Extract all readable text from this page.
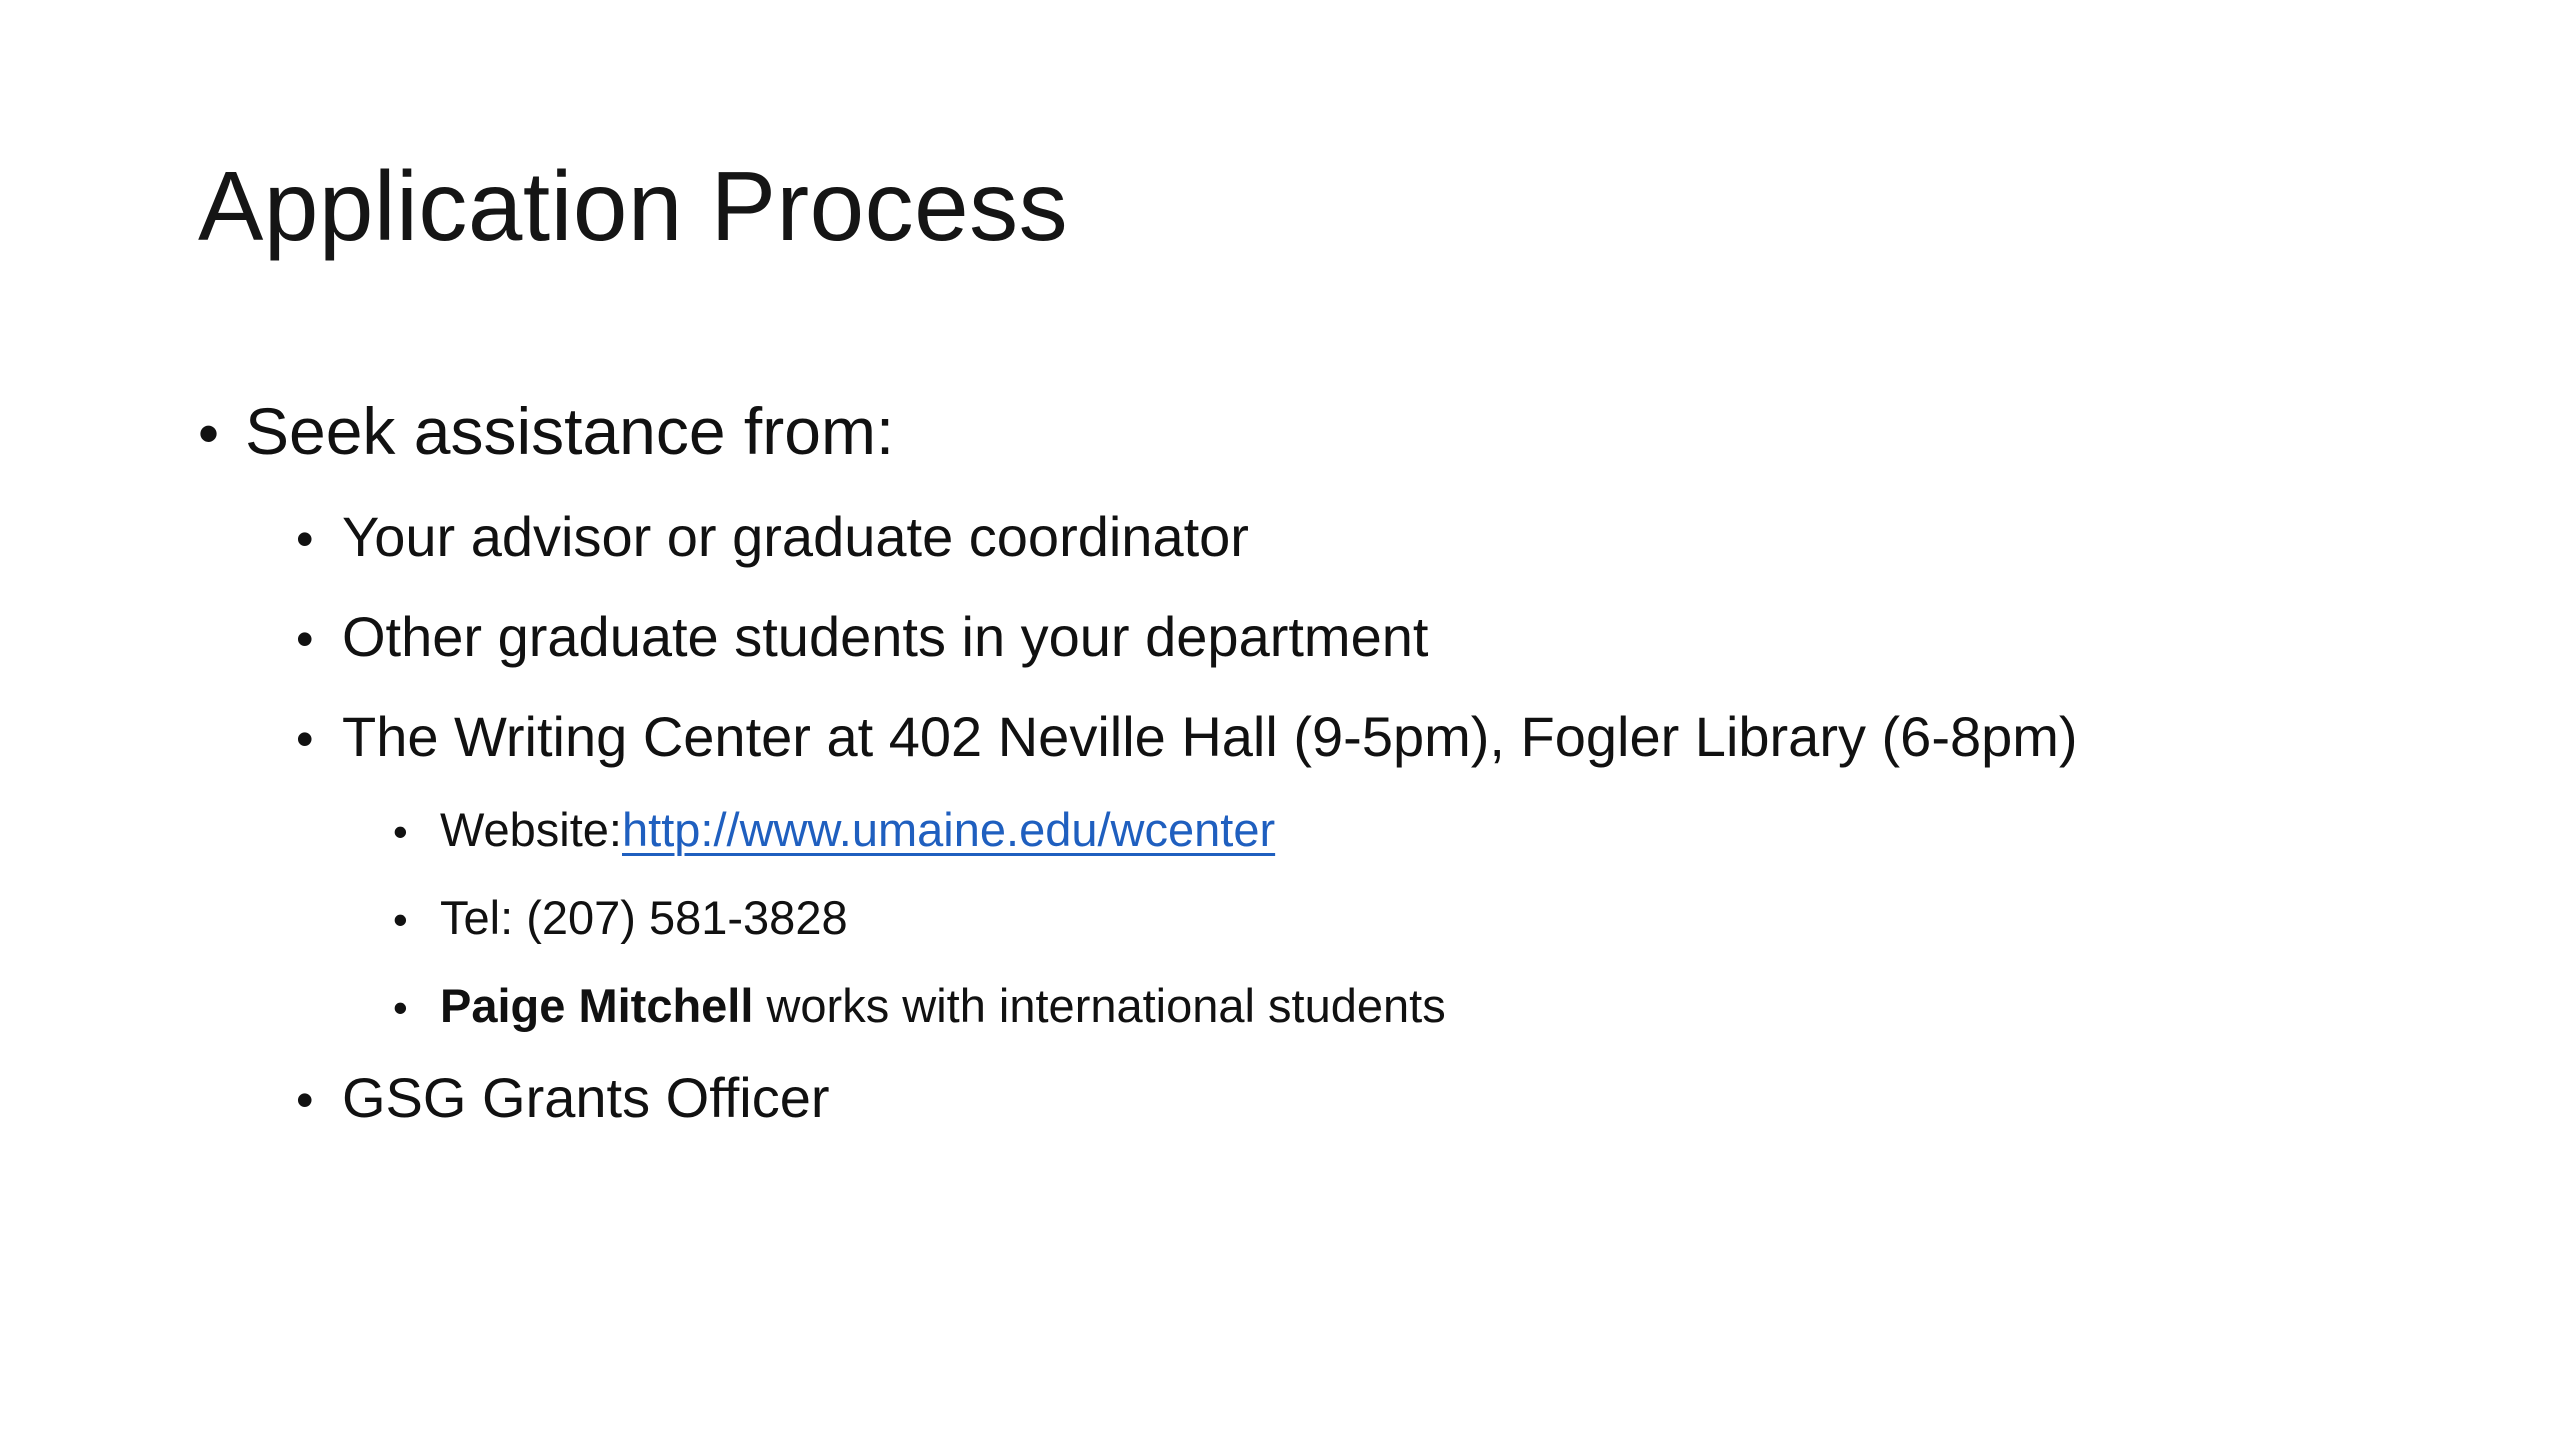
Application Process
• Seek assistance from:
• Your advisor or graduate coordinator
• Other graduate students in your department
• The Writing Center at 402 Neville Hall (9-5pm), Fogler Library (6-8pm)
• Website: http://www.umaine.edu/wcenter
• Tel: (207) 581-3828
• Paige Mitchell works with international students
• GSG Grants Officer
